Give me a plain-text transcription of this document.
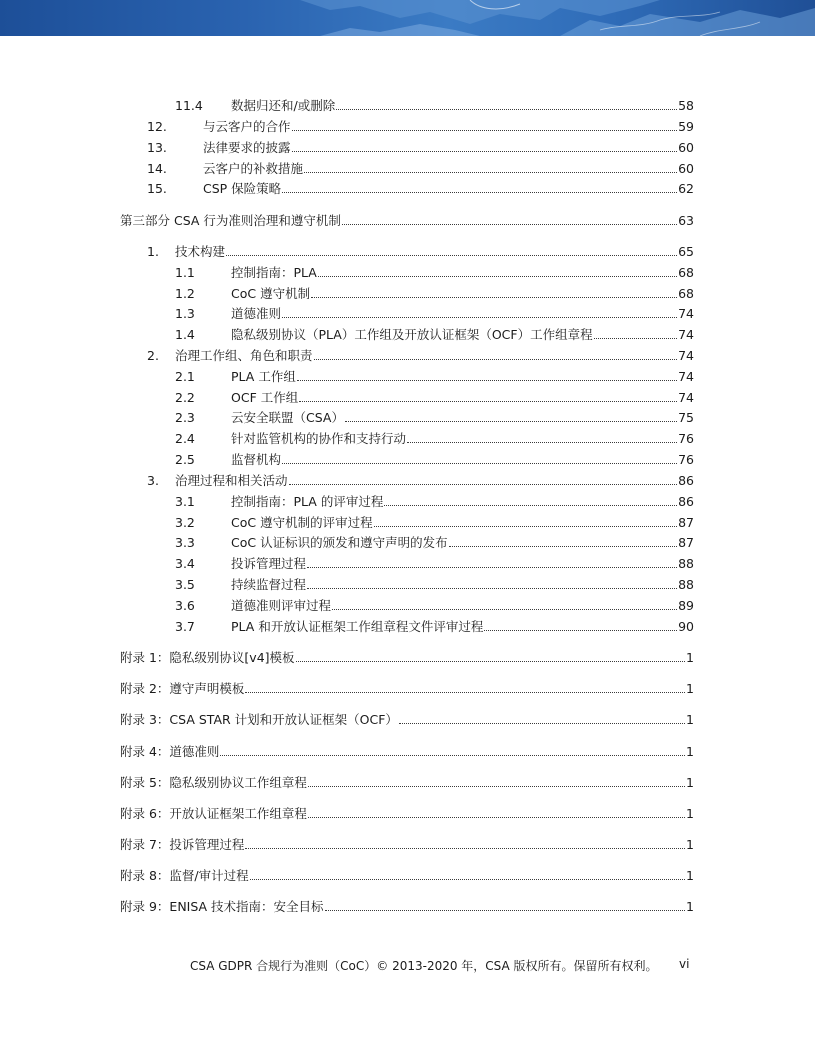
11.4	数据归还和/或删除	58
12.	与云客户的合作	59
13.	法律要求的披露	60
14.	云客户的补救措施	60
15.	CSP 保险策略	62
第三部分 CSA 行为准则治理和遵守机制	63
1.	技术构建	65
1.1	控制指南：PLA	68
1.2	CoC 遵守机制	68
1.3	道德准则	74
1.4	隐私级别协议（PLA）工作组及开放认证框架（OCF）工作组章程	74
2.	治理工作组、角色和职责	74
2.1	PLA 工作组	74
2.2	OCF 工作组	74
2.3	云安全联盟（CSA）	75
2.4	针对监管机构的协作和支持行动	76
2.5	监督机构	76
3.	治理过程和相关活动	86
3.1	控制指南：PLA 的评审过程	86
3.2	CoC 遵守机制的评审过程	87
3.3	CoC 认证标识的颁发和遵守声明的发布	87
3.4	投诉管理过程	88
3.5	持续监督过程	88
3.6	道德准则评审过程	89
3.7	PLA 和开放认证框架工作组章程文件评审过程	90
附录 1：隐私级别协议[v4]模板	1
附录 2：遵守声明模板	1
附录 3：CSA STAR 计划和开放认证框架（OCF）	1
附录 4：道德准则	1
附录 5：隐私级别协议工作组章程	1
附录 6：开放认证框架工作组章程	1
附录 7：投诉管理过程	1
附录 8：监督/审计过程	1
附录 9：ENISA 技术指南：安全目标	1
CSA GDPR 合规行为准则（CoC）© 2013-2020 年，CSA 版权所有。保留所有权利。 vi
